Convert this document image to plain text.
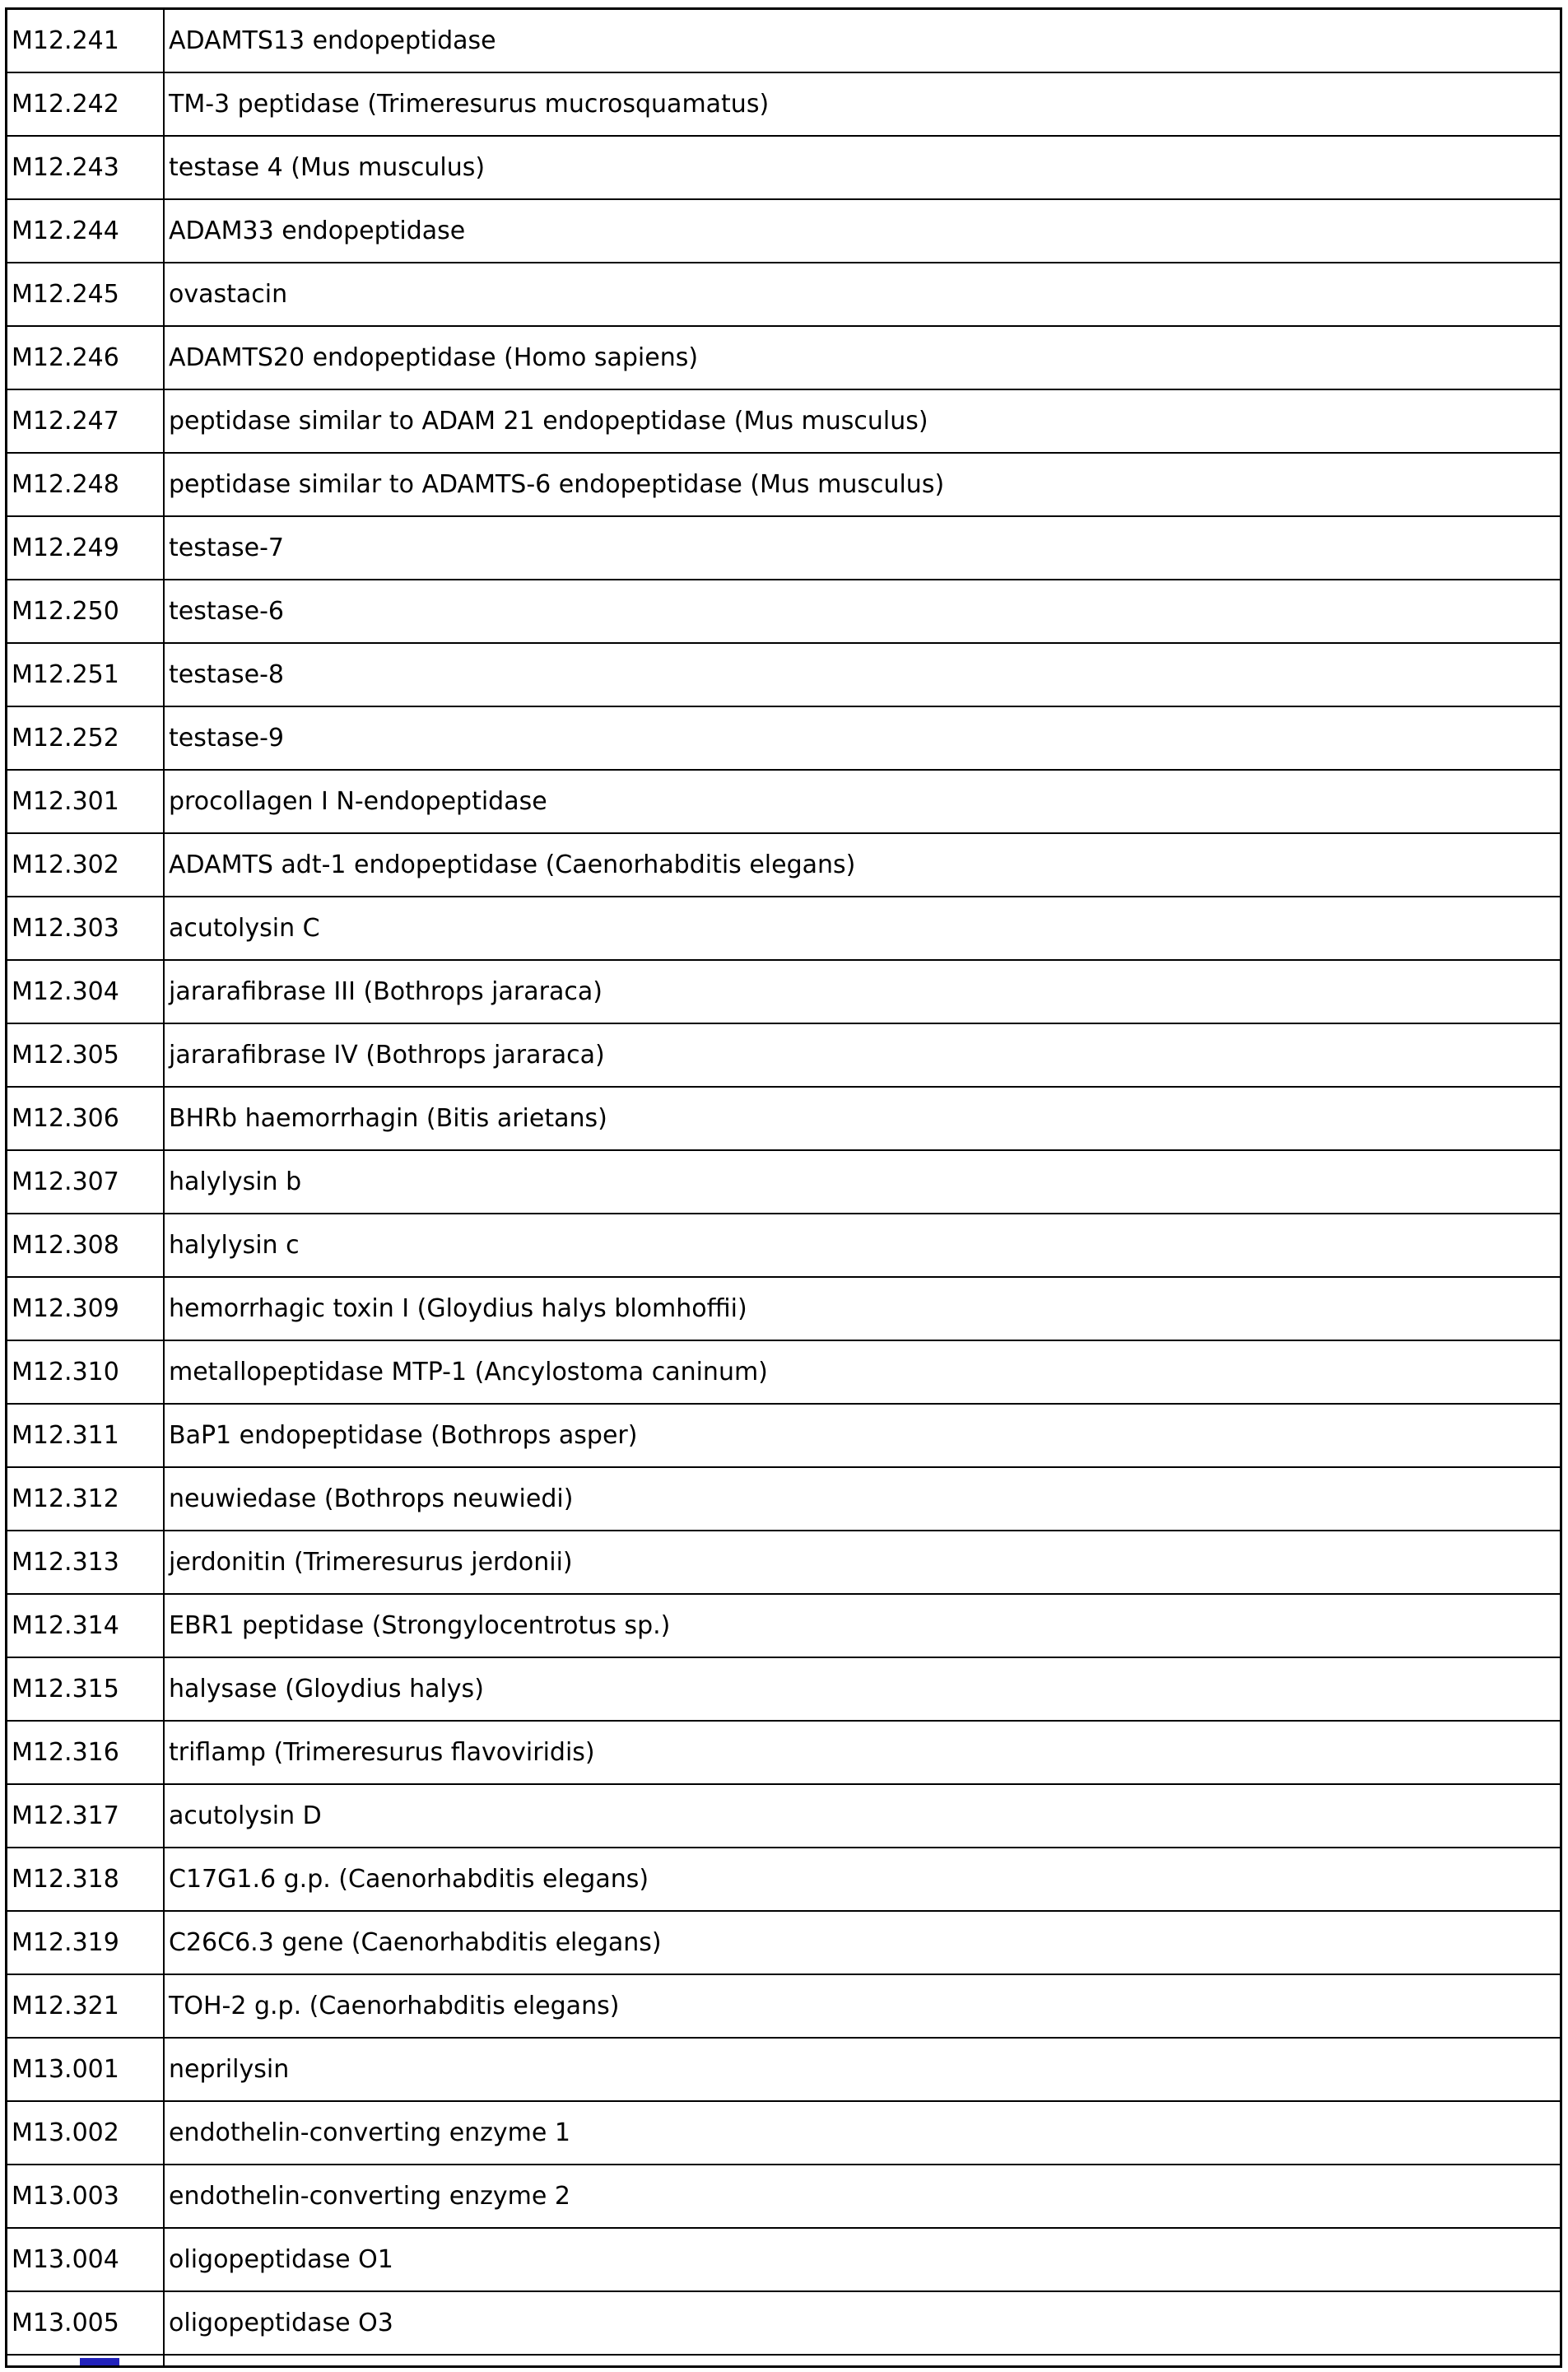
M12.241	ADAMTS13 endopeptidase
M12.242	TM-3 peptidase (Trimeresurus mucrosquamatus)
M12.243	testase 4 (Mus musculus)
M12.244	ADAM33 endopeptidase
M12.245	ovastacin
M12.246	ADAMTS20 endopeptidase (Homo sapiens)
M12.247	peptidase similar to ADAM 21 endopeptidase (Mus musculus)
M12.248	peptidase similar to ADAMTS-6 endopeptidase (Mus musculus)
M12.249	testase-7
M12.250	testase-6
M12.251	testase-8
M12.252	testase-9
M12.301	procollagen I N-endopeptidase
M12.302	ADAMTS adt-1 endopeptidase (Caenorhabditis elegans)
M12.303	acutolysin C
M12.304	jararafibrase III (Bothrops jararaca)
M12.305	jararafibrase IV (Bothrops jararaca)
M12.306	BHRb haemorrhagin (Bitis arietans)
M12.307	halylysin b
M12.308	halylysin c
M12.309	hemorrhagic toxin I (Gloydius halys blomhoffii)
M12.310	metallopeptidase MTP-1 (Ancylostoma caninum)
M12.311	BaP1 endopeptidase (Bothrops asper)
M12.312	neuwiedase (Bothrops neuwiedi)
M12.313	jerdonitin (Trimeresurus jerdonii)
M12.314	EBR1 peptidase (Strongylocentrotus sp.)
M12.315	halysase (Gloydius halys)
M12.316	triflamp (Trimeresurus flavoviridis)
M12.317	acutolysin D
M12.318	C17G1.6 g.p. (Caenorhabditis elegans)
M12.319	C26C6.3 gene (Caenorhabditis elegans)
M12.321	TOH-2 g.p. (Caenorhabditis elegans)
M13.001	neprilysin
M13.002	endothelin-converting enzyme 1
M13.003	endothelin-converting enzyme 2
M13.004	oligopeptidase O1
M13.005	oligopeptidase O3
